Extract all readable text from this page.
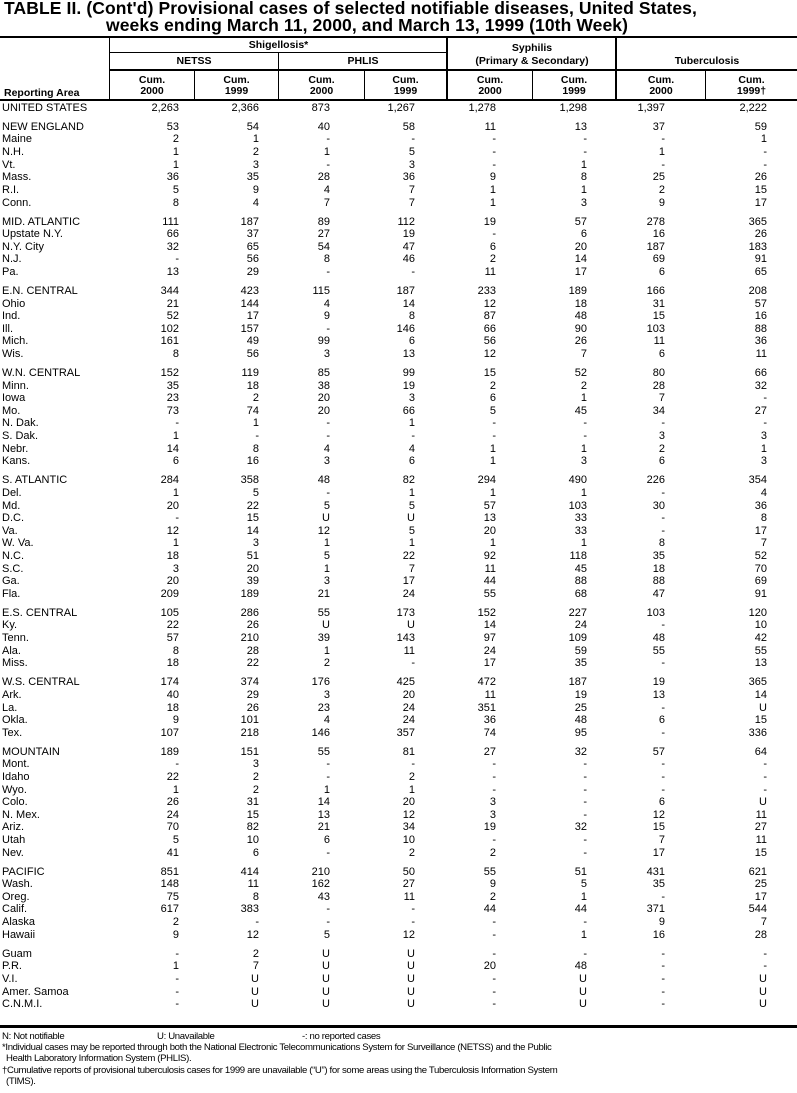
TABLE II. (Cont'd) Provisional cases of selected notifiable diseases, United States,
weeks ending March 11, 2000, and March 13, 1999 (10th Week)
Shigellosis*
NETSS	PHLIS
Syphilis
(Primary & Secondary)	Tuberculosis
Reporting Area
Cum.
2000
Cum.
1999
Cum.
2000
Cum.
1999
Cum.
2000
Cum.
1999
Cum.
2000
Cum.
1999†
UNITED STATES	2,263	2,366	873	1,267	1,278	1,298	1,397	2,222
NEW ENGLAND	53	54	40	58	11	13	37	59
Maine	2	1	-	-	-	-	-	1
N.H.	1	2	1	5	-	-	1	-
Vt.	1	3	-	3	-	1	-	-
Mass.	36	35	28	36	9	8	25	26
R.I.	5	9	4	7	1	1	2	15
Conn.	8	4	7	7	1	3	9	17
MID. ATLANTIC	111	187	89	112	19	57	278	365
Upstate N.Y.	66	37	27	19	-	6	16	26
N.Y. City	32	65	54	47	6	20	187	183
N.J.	-	56	8	46	2	14	69	91
Pa.	13	29	-	-	11	17	6	65
E.N. CENTRAL	344	423	115	187	233	189	166	208
Ohio	21	144	4	14	12	18	31	57
Ind.	52	17	9	8	87	48	15	16
Ill.	102	157	-	146	66	90	103	88
Mich.	161	49	99	6	56	26	11	36
Wis.	8	56	3	13	12	7	6	11
W.N. CENTRAL	152	119	85	99	15	52	80	66
Minn.	35	18	38	19	2	2	28	32
Iowa	23	2	20	3	6	1	7	-
Mo.	73	74	20	66	5	45	34	27
N. Dak.	-	1	-	1	-	-	-	-
S. Dak.	1	-	-	-	-	-	3	3
Nebr.	14	8	4	4	1	1	2	1
Kans.	6	16	3	6	1	3	6	3
S. ATLANTIC	284	358	48	82	294	490	226	354
Del.	1	5	-	1	1	1	-	4
Md.	20	22	5	5	57	103	30	36
D.C.	-	15	U	U	13	33	-	8
Va.	12	14	12	5	20	33	-	17
W. Va.	1	3	1	1	1	1	8	7
N.C.	18	51	5	22	92	118	35	52
S.C.	3	20	1	7	11	45	18	70
Ga.	20	39	3	17	44	88	88	69
Fla.	209	189	21	24	55	68	47	91
E.S. CENTRAL	105	286	55	173	152	227	103	120
Ky.	22	26	U	U	14	24	-	10
Tenn.	57	210	39	143	97	109	48	42
Ala.	8	28	1	11	24	59	55	55
Miss.	18	22	2	-	17	35	-	13
W.S. CENTRAL	174	374	176	425	472	187	19	365
Ark.	40	29	3	20	11	19	13	14
La.	18	26	23	24	351	25	-	U
Okla.	9	101	4	24	36	48	6	15
Tex.	107	218	146	357	74	95	-	336
MOUNTAIN	189	151	55	81	27	32	57	64
Mont.	-	3	-	-	-	-	-	-
Idaho	22	2	-	2	-	-	-	-
Wyo.	1	2	1	1	-	-	-	-
Colo.	26	31	14	20	3	-	6	U
N. Mex.	24	15	13	12	3	-	12	11
Ariz.	70	82	21	34	19	32	15	27
Utah	5	10	6	10	-	-	7	11
Nev.	41	6	-	2	2	-	17	15
PACIFIC	851	414	210	50	55	51	431	621
Wash.	148	11	162	27	9	5	35	25
Oreg.	75	8	43	11	2	1	-	17
Calif.	617	383	-	-	44	44	371	544
Alaska	2	-	-	-	-	-	9	7
Hawaii	9	12	5	12	-	1	16	28
Guam	-	2	U	U	-	-	-	-
P.R.	1	7	U	U	20	48	-	-
V.I.	-	U	U	U	-	U	-	U
Amer. Samoa	-	U	U	U	-	U	-	U
C.N.M.I.	-	U	U	U	-	U	-	U
N: Not notifiable	U: Unavailable	-: no reported cases
*Individual cases may be reported through both the National Electronic Telecommunications System for Surveillance (NETSS) and the Public
Health Laboratory Information System (PHLIS).
†Cumulative reports of provisional tuberculosis cases for 1999 are unavailable (“U”) for some areas using the Tuberculosis Information System
(TIMS).
